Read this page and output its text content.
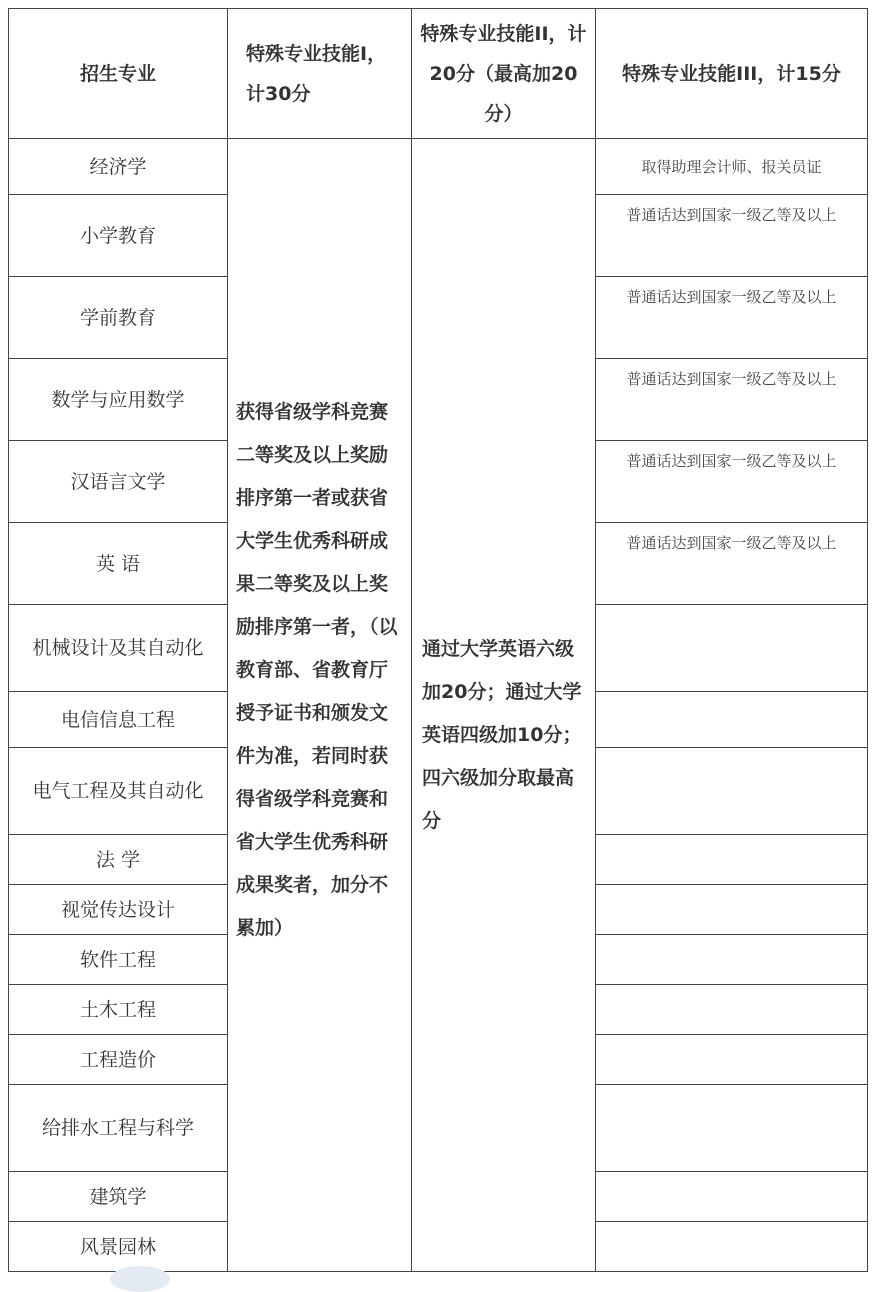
招生专业	特殊专业技能Ⅰ，计30分	特殊专业技能II，计20分（最高加20分）	特殊专业技能III，计15分
经济学	获得省级学科竞赛二等奖及以上奖励排序第一者或获省大学生优秀科研成果二等奖及以上奖励排序第一者，（以教育部、省教育厅授予证书和颁发文件为准，若同时获得省级学科竞赛和省大学生优秀科研成果奖者，加分不累加）	通过大学英语六级加20分；通过大学英语四级加10分；四六级加分取最高分	取得助理会计师、报关员证
小学教育			普通话达到国家一级乙等及以上
学前教育			普通话达到国家一级乙等及以上
数学与应用数学			普通话达到国家一级乙等及以上
汉语言文学			普通话达到国家一级乙等及以上
英 语			普通话达到国家一级乙等及以上
机械设计及其自动化			
电信信息工程			
电气工程及其自动化			
法 学			
视觉传达设计			
软件工程			
土木工程			
工程造价			
给排水工程与科学			
建筑学			
风景园林			
